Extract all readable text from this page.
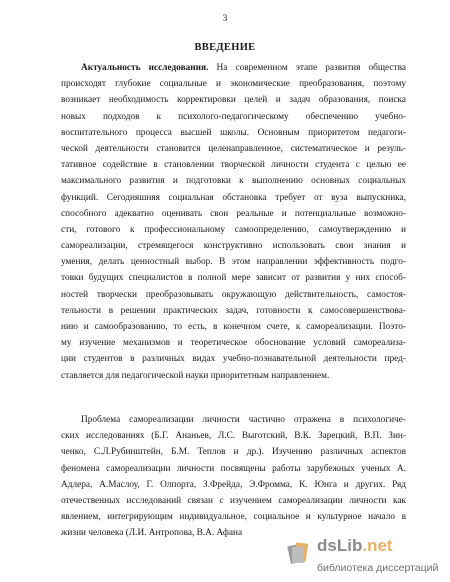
3
ВВЕДЕНИЕ
Актуальность исследования. На современном этапе развития общества
происходят глубокие социальные и экономические преобразования, поэтому
возникает необходимость корректировки целей и задач образования, поиска
новых подходов к психолого-педагогическому обеспечению учебно-
воспитательного процесса высшей школы. Основным приоритетом педагоги-
ческой деятельности становится целенаправленное, систематическое и резуль-
тативное содействие в становлении творческой личности студента с целью ее
максимального развития и подготовки к выполнению основных социальных
функций. Сегодняшняя социальная обстановка требует от вуза выпускника,
способного адекватно оценивать свои реальные и потенциальные возможно-
сти, готового к профессиональному самоопределению, самоутверждению и
самореализации, стремящегося конструктивно использовать свои знания и
умения, делать ценностный выбор. В этом направлении эффективность подго-
товки будущих специалистов в полной мере зависит от развития у них способ-
ностей творчески преобразовывать окружающую действительность, самостоя-
тельности в решении практических задач, готовности к самосовершенствова-
нию и самообразованию, то есть, в конечном счете, к самореализации. Поэто-
му изучение механизмов и теоретическое обоснование условий самореализа-
ции студентов в различных видах учебно-познавательной деятельности пред-
ставляется для педагогической науки приоритетным направлением.
Проблема самореализации личности частично отражена в психологиче-
ских исследованиях (Б.Г. Ананьев, Л.С. Выготский, В.К. Зарецкий, В.П. Зин-
ченко, С.Л.Рубинштейн, Б.М. Теплов и др.). Изучению различных аспектов
феномена самореализации личности посвящены работы зарубежных ученых А.
Адлера, А.Маслоу, Г. Олпорта, З.Фрейда, Э.Фромма, К. Юнга и других. Ряд
отечественных исследований связан с изучением самореализации личности как
явлением, интегрирующим индивидуальное, социальное и культурное начало в
жизни человека (Л.И. Антропова, В.А. Афана
dsLib.net
библиотека диссертаций
